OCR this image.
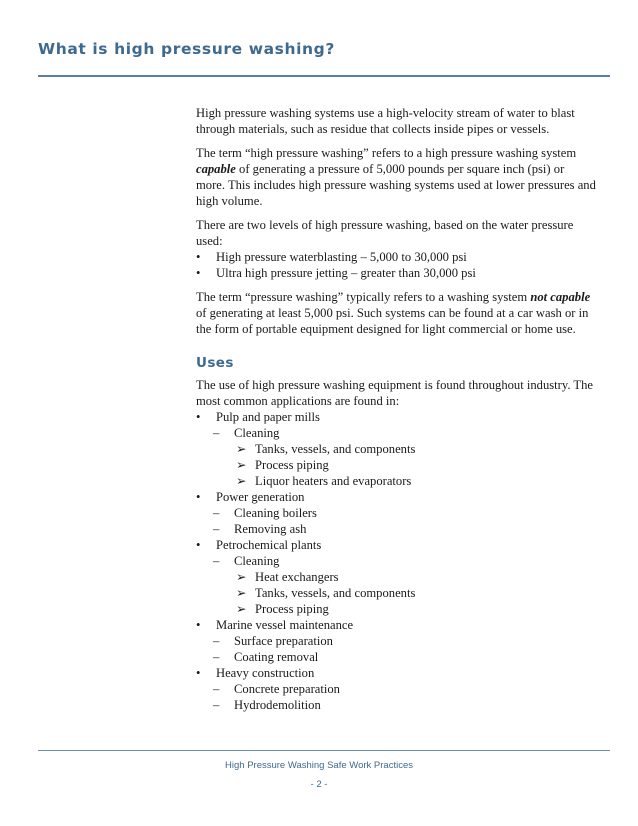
What is high pressure washing?

High pressure washing systems use a high-velocity stream of water to blast through materials, such as residue that collects inside pipes or vessels.

The term “high pressure washing” refers to a high pressure washing system capable of generating a pressure of 5,000 pounds per square inch (psi) or more. This includes high pressure washing systems used at lower pressures and high volume.

There are two levels of high pressure washing, based on the water pressure used:

•	High pressure waterblasting – 5,000 to 30,000 psi
•	Ultra high pressure jetting – greater than 30,000 psi

The term “pressure washing” typically refers to a washing system not capable of generating at least 5,000 psi. Such systems can be found at a car wash or in the form of portable equipment designed for light commercial or home use.

Uses

The use of high pressure washing equipment is found throughout industry. The most common applications are found in:

•	Pulp and paper mills
–	Cleaning
➢ Tanks, vessels, and components
➢ Process piping
➢ Liquor heaters and evaporators
•	Power generation
–	Cleaning boilers
–	Removing ash
•	Petrochemical plants
–	Cleaning
➢ Heat exchangers
➢ Tanks, vessels, and components
➢ Process piping
•	Marine vessel maintenance
–	Surface preparation
–	Coating removal
•	Heavy construction
–	Concrete preparation
–	Hydrodemolition
High Pressure Washing Safe Work Practices
- 2 -
